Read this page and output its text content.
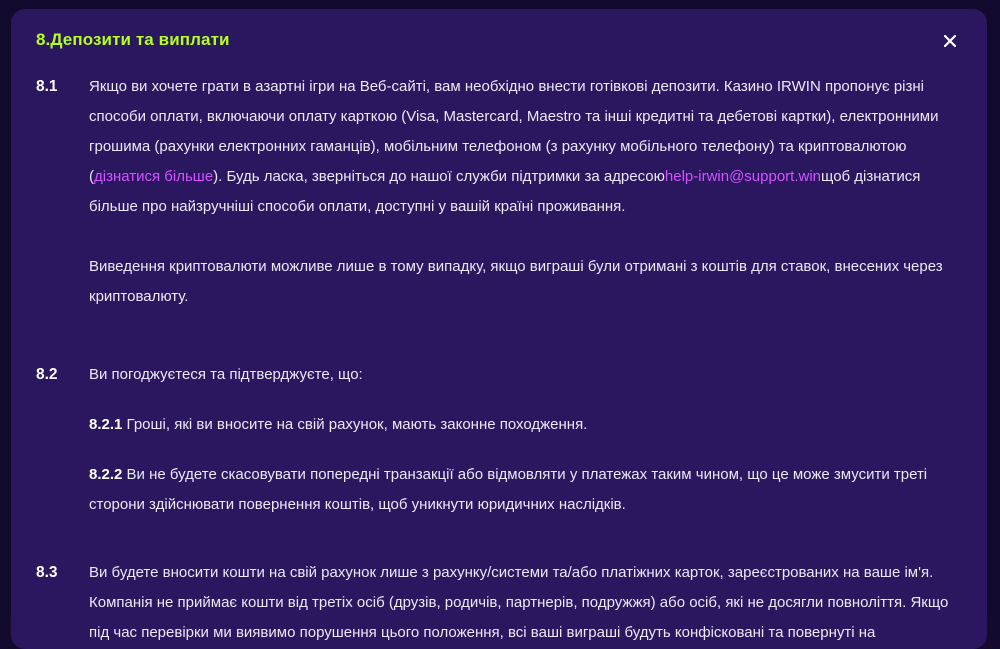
8.Депозити та виплати
8.1	Якщо ви хочете грати в азартні ігри на Веб-сайті, вам необхідно внести готівкові депозити. Казино IRWIN пропонує різні способи оплати, включаючи оплату карткою (Visa, Mastercard, Maestro та інші кредитні та дебетові картки), електронними грошима (рахунки електронних гаманців), мобільним телефоном (з рахунку мобільного телефону) та криптовалютою (дізнатися більше). Будь ласка, зверніться до нашої служби підтримки за адресоюhelp-irwin@support.winщоб дізнатися більше про найзручніші способи оплати, доступні у вашій країні проживання.

Виведення криптовалюти можливе лише в тому випадку, якщо виграші були отримані з коштів для ставок, внесених через криптовалюту.

8.2	Ви погоджуєтеся та підтверджуєте, що:

8.2.1 Гроші, які ви вносите на свій рахунок, мають законне походження.

8.2.2 Ви не будете скасовувати попередні транзакції або відмовляти у платежах таким чином, що це може змусити треті сторони здійснювати повернення коштів, щоб уникнути юридичних наслідків.

8.3	Ви будете вносити кошти на свій рахунок лише з рахунку/системи та/або платіжних карток, зареєстрованих на ваше ім'я. Компанія не приймає кошти від третіх осіб (друзів, родичів, партнерів, подружжя) або осіб, які не досягли повноліття. Якщо під час перевірки ми виявимо порушення цього положення, всі ваші виграші будуть конфісковані та повернуті на
